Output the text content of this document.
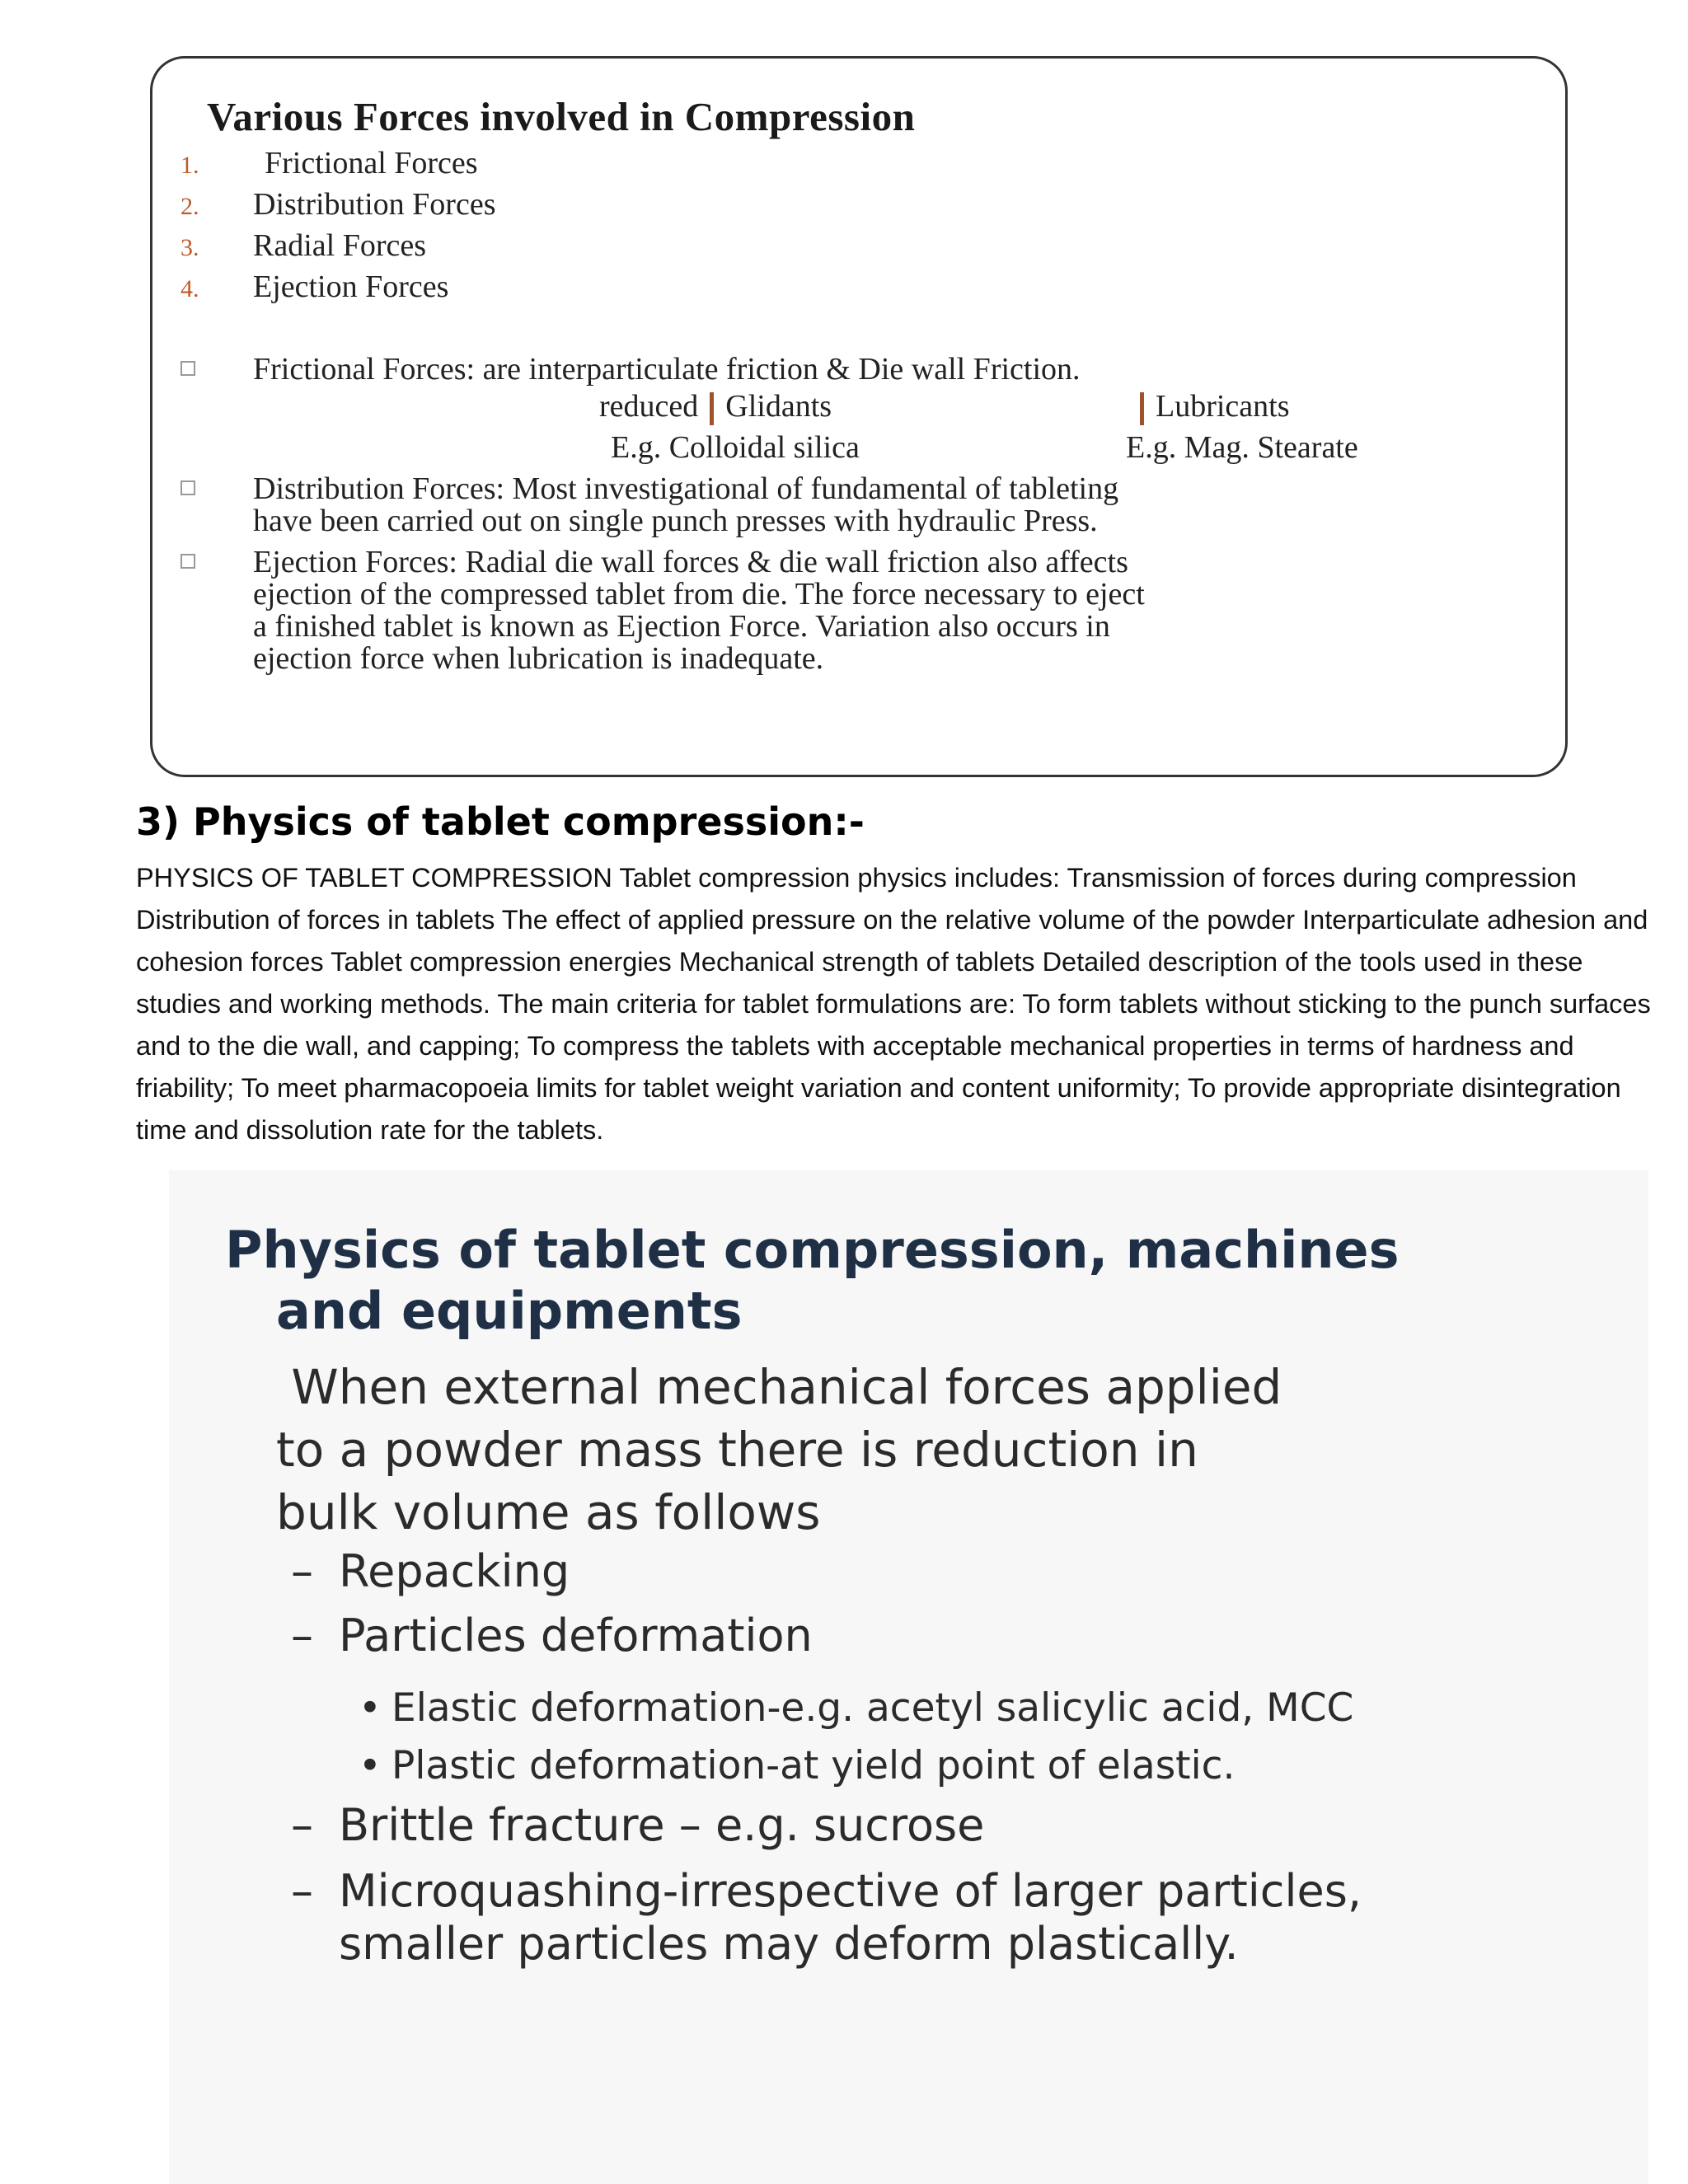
Various Forces involved in Compression
1. Frictional Forces
2. Distribution Forces
3. Radial Forces
4. Ejection Forces
Frictional Forces: are interparticulate friction & Die wall Friction.
reduced Glidants	Lubricants
E.g. Colloidal silica	E.g. Mag. Stearate
Distribution Forces: Most investigational of fundamental of tableting
have been carried out on single punch presses with hydraulic Press.
Ejection Forces: Radial die wall forces & die wall friction also affects
ejection of the compressed tablet from die. The force necessary to eject
a finished tablet is known as Ejection Force. Variation also occurs in
ejection force when lubrication is inadequate.
3) Physics of tablet compression:-

PHYSICS OF TABLET COMPRESSION Tablet compression physics includes: Transmission of forces during compression Distribution of forces in tablets The effect of applied pressure on the relative volume of the powder Interparticulate adhesion and cohesion forces Tablet compression energies Mechanical strength of tablets Detailed description of the tools used in these studies and working methods. The main criteria for tablet formulations are: To form tablets without sticking to the punch surfaces and to the die wall, and capping; To compress the tablets with acceptable mechanical properties in terms of hardness and friability; To meet pharmacopoeia limits for tablet weight variation and content uniformity; To provide appropriate disintegration time and dissolution rate for the tablets.

Physics of tablet compression, machines
and equipments

When external mechanical forces applied
to a powder mass there is reduction in
bulk volume as follows

– Repacking
– Particles deformation
• Elastic deformation-e.g. acetyl salicylic acid, MCC
• Plastic deformation-at yield point of elastic.
– Brittle fracture – e.g. sucrose
– Microquashing-irrespective of larger particles,
smaller particles may deform plastically.
